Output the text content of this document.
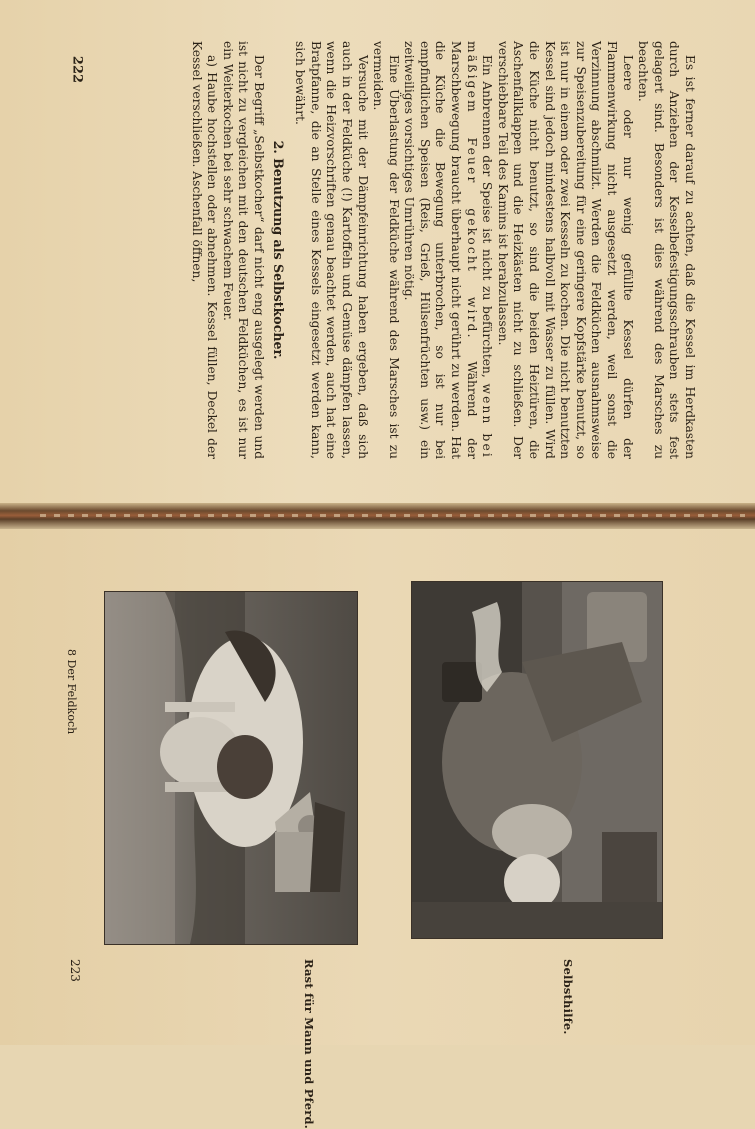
222	Es ist ferner darauf zu achten, daß die Kessel im Herdkasten durch Anziehen der Kesselbefestigungsschrauben stets fest gelagert sind. Besonders ist dies während des Marsches zu beachten.

Leere oder nur wenig gefüllte Kessel dürfen der Flammenwirkung nicht ausgesetzt werden, weil sonst die Verzinnung abschmilzt. Werden die Feldküchen ausnahmsweise zur Speisenzubereitung für eine geringere Kopfstärke benutzt, so ist nur in einem oder zwei Kesseln zu kochen. Die nicht benutzten Kessel sind jedoch mindestens halbvoll mit Wasser zu füllen. Wird die Küche nicht benutzt, so sind die beiden Heiztüren, die Aschenfallklappen und die Heizkästen nicht zu schließen. Der verschiebbare Teil des Kamins ist herabzulassen.

Ein Anbrennen der Speise ist nicht zu befürchten, wenn bei mäßigem Feuer gekocht wird. Während der Marschbewegung braucht überhaupt nicht gerührt zu werden. Hat die Küche die Bewegung unterbrochen, so ist nur bei empfindlichen Speisen (Reis, Grieß, Hülsenfrüchten usw.) ein zeitweiliges vorsichtiges Umrühren nötig.

Eine Überlastung der Feldküche während des Marsches ist zu vermeiden.

Versuche mit der Dämpfeinrichtung haben ergeben, daß sich auch in der Feldküche (!) Kartoffeln und Gemüse dämpfen lassen, wenn die Heizvorschriften genau beachtet werden, auch hat eine Bratpfanne, die an Stelle eines Kessels eingesetzt werden kann, sich bewährt.

2. Benutzung als Selbstkocher.

Der Begriff „Selbstkocher“ darf nicht eng ausgelegt werden und ist nicht zu vergleichen mit den deutschen Feldküchen, es ist nur ein Weiterkochen bei sehr schwachem Feuer.

a) Haube hochstellen oder abnehmen. Kessel füllen, Deckel der Kessel verschließen. Aschenfall öffnen,

8 Der Feldkoch
223	Rast für Mann und Pferd.	Selbsthilfe.
